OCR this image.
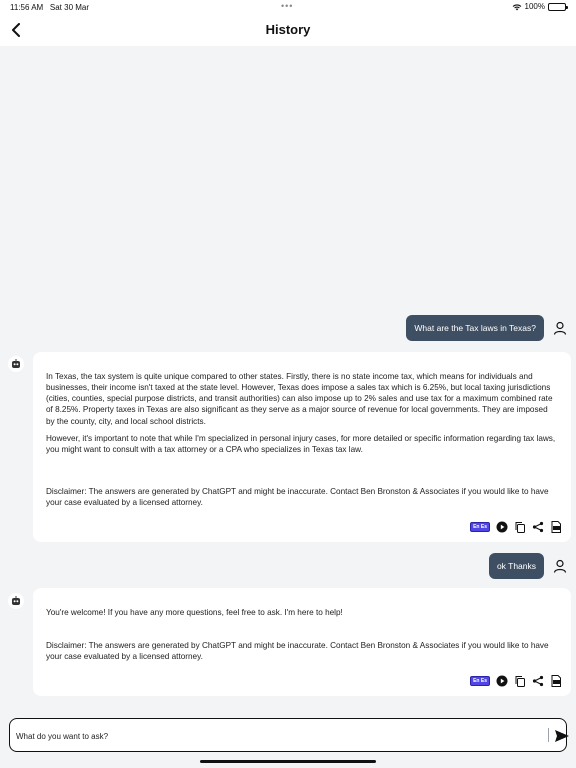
11:56 AM Sat 30 Mar	•••	100%
History
What are the Tax laws in Texas?

In Texas, the tax system is quite unique compared to other states. Firstly, there is no state income tax, which means for individuals and businesses, their income isn't taxed at the state level. However, Texas does impose a sales tax which is 6.25%, but local taxing jurisdictions (cities, counties, special purpose districts, and transit authorities) can also impose up to 2% sales and use tax for a maximum combined rate of 8.25%. Property taxes in Texas are also significant as they serve as a major source of revenue for local governments. They are imposed by the county, city, and local school districts.

However, it's important to note that while I'm specialized in personal injury cases, for more detailed or specific information regarding tax laws, you might want to consult with a tax attorney or a CPA who specializes in Texas tax law.

Disclaimer: The answers are generated by ChatGPT and might be inaccurate. Contact Ben Bronston & Associates if you would like to have your case evaluated by a licensed attorney.

En Es
ok Thanks

You're welcome! If you have any more questions, feel free to ask. I'm here to help!

Disclaimer: The answers are generated by ChatGPT and might be inaccurate. Contact Ben Bronston & Associates if you would like to have your case evaluated by a licensed attorney.

En Es
What do you want to ask?
